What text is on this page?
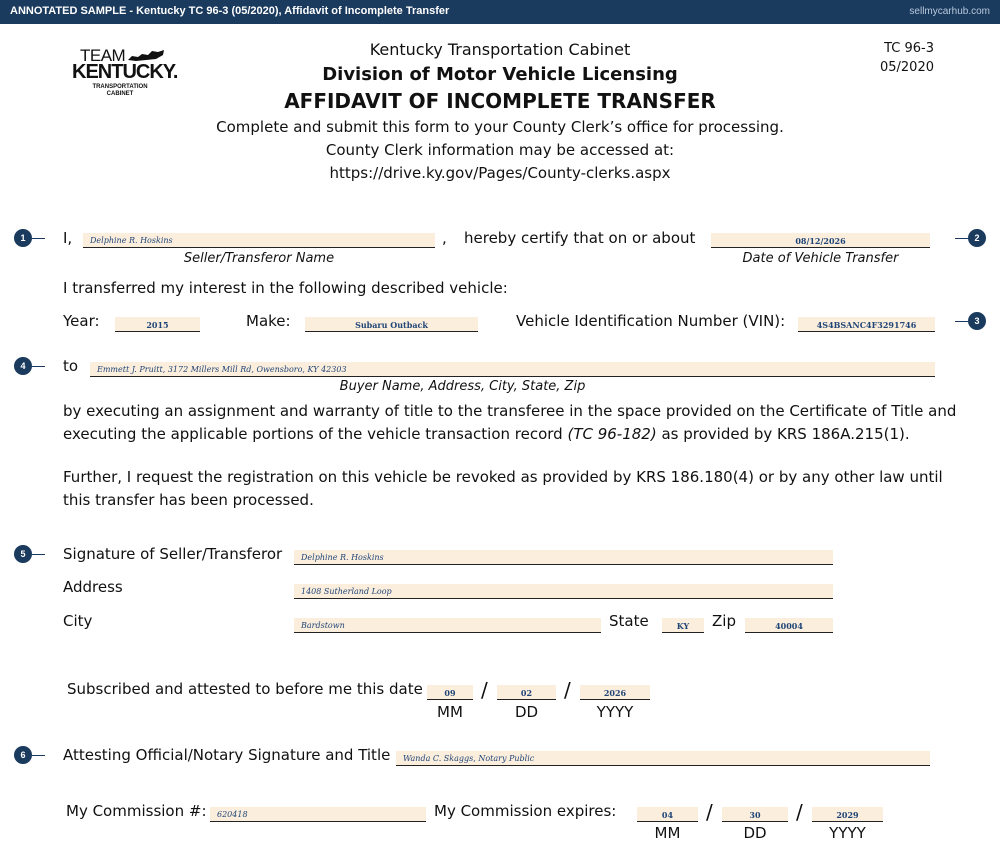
ANNOTATED SAMPLE - Kentucky TC 96-3 (05/2020), Affidavit of Incomplete Transfer	sellmycarhub.com
TEAM
KENTUCKY.
TRANSPORTATION
CABINET
Kentucky Transportation Cabinet
Division of Motor Vehicle Licensing
AFFIDAVIT OF INCOMPLETE TRANSFER
Complete and submit this form to your County Clerk’s office for processing.
County Clerk information may be accessed at:
https://drive.ky.gov/Pages/County-clerks.aspx
TC 96-3
05/2020
1	2
3
4
5
6
I,	Delphine R. Hoskins	, hereby certify that on or about	08/12/2026
Seller/Transferor Name	Date of Vehicle Transfer
I transferred my interest in the following described vehicle:
Year:	2015	Make:	Subaru Outback	Vehicle Identification Number (VIN):	4S4BSANC4F3291746
to	Emmett J. Pruitt, 3172 Millers Mill Rd, Owensboro, KY 42303
Buyer Name, Address, City, State, Zip
by executing an assignment and warranty of title to the transferee in the space provided on the Certificate of Title and
executing the applicable portions of the vehicle transaction record (TC 96-182) as provided by KRS 186A.215(1).
Further, I request the registration on this vehicle be revoked as provided by KRS 186.180(4) or by any other law until
this transfer has been processed.
Signature of Seller/Transferor	Delphine R. Hoskins
Address	1408 Sutherland Loop
City	Bardstown	State	KY	Zip	40004
Subscribed and attested to before me this date	09	/	02	/	2026
MM	DD	YYYY
Attesting Official/Notary Signature and Title	Wanda C. Skaggs, Notary Public
My Commission #:	620418	My Commission expires:	04	/	30	/	2029
MM	DD	YYYY
